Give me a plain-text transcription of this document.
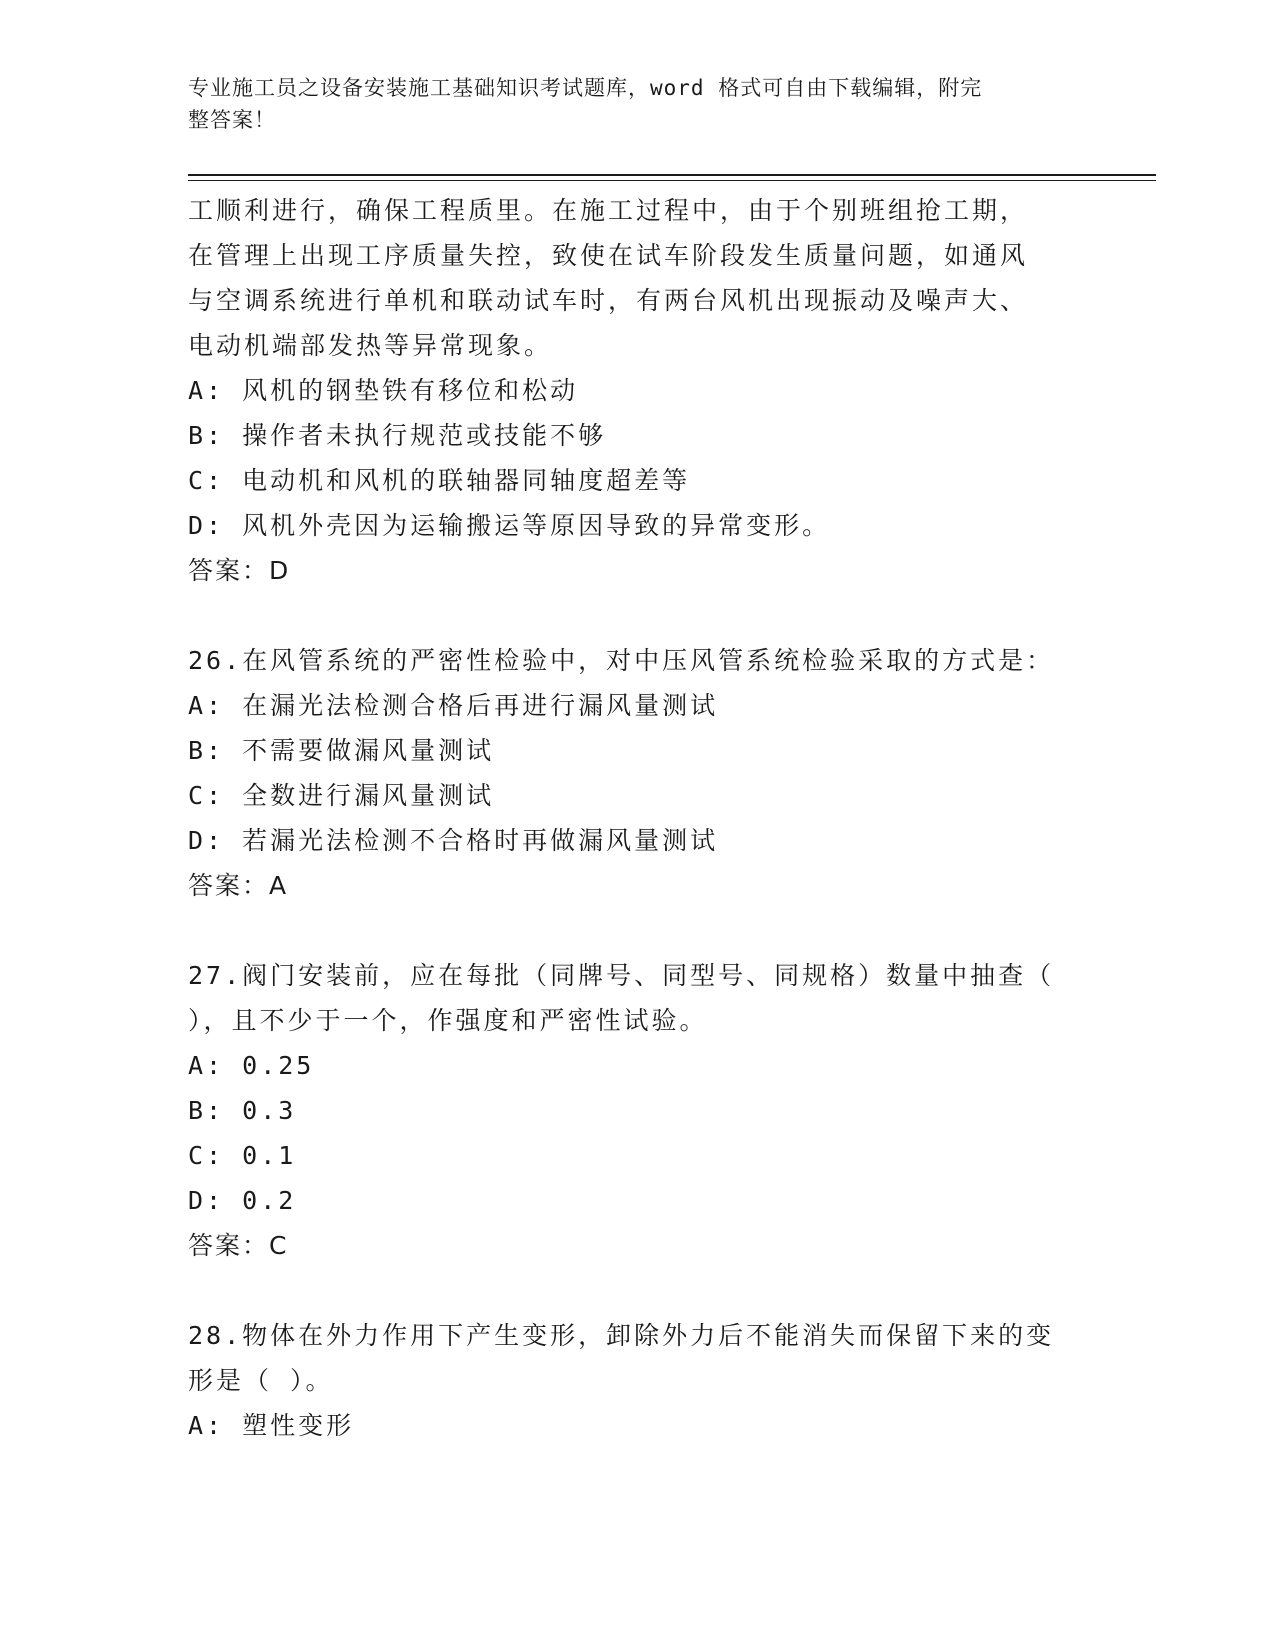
专业施工员之设备安装施工基础知识考试题库，word 格式可自由下载编辑，附完
整答案！
工顺利进行，确保工程质里。在施工过程中，由于个别班组抢工期，
在管理上出现工序质量失控，致使在试车阶段发生质量问题，如通风
与空调系统进行单机和联动试车时，有两台风机出现振动及噪声大、
电动机端部发热等异常现象。
A: 风机的钢垫铁有移位和松动
B: 操作者未执行规范或技能不够
C: 电动机和风机的联轴器同轴度超差等
D: 风机外壳因为运输搬运等原因导致的异常变形。
答案：D
26.在风管系统的严密性检验中，对中压风管系统检验采取的方式是：
A: 在漏光法检测合格后再进行漏风量测试
B: 不需要做漏风量测试
C: 全数进行漏风量测试
D: 若漏光法检测不合格时再做漏风量测试
答案：A
27.阀门安装前，应在每批（同牌号、同型号、同规格）数量中抽查（
），且不少于一个，作强度和严密性试验。
A: 0.25
B: 0.3
C: 0.1
D: 0.2
答案：C
28.物体在外力作用下产生变形，卸除外力后不能消失而保留下来的变
形是（ ）。
A: 塑性变形
